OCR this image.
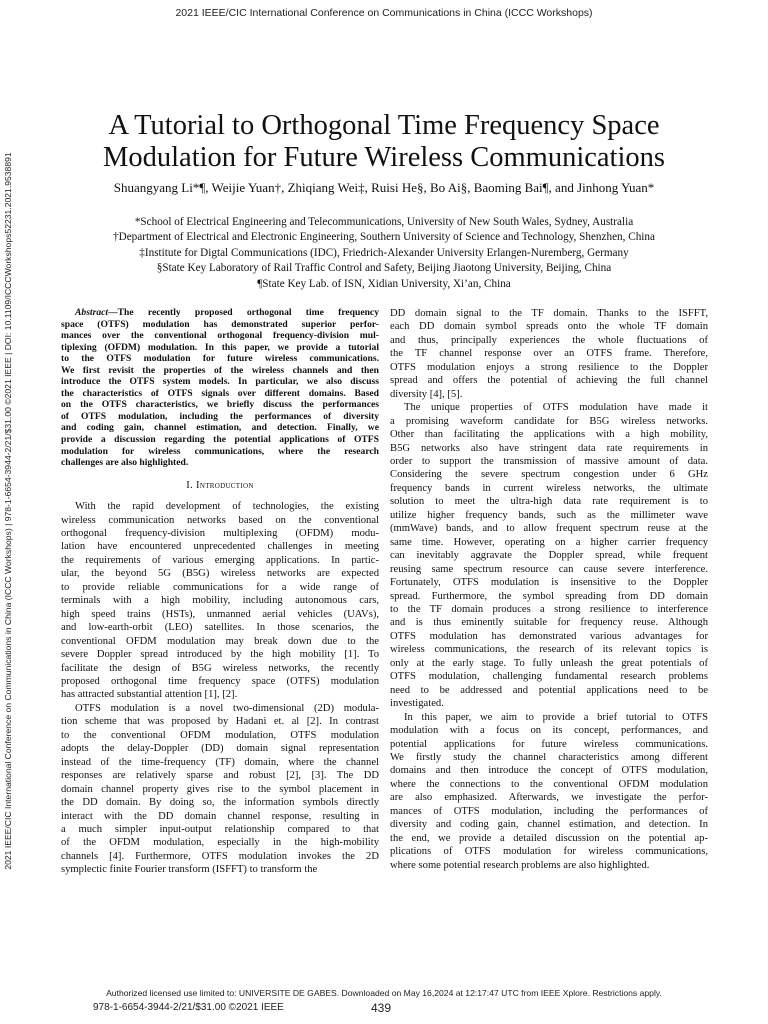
2021 IEEE/CIC International Conference on Communications in China (ICCC Workshops)
2021 IEEE/CIC International Conference on Communications in China (ICCC Workshops) | 978-1-6654-3944-2/21/$31.00 ©2021 IEEE | DOI: 10.1109/ICCCWorkshops52231.2021.9538891
A Tutorial to Orthogonal Time Frequency Space
Modulation for Future Wireless Communications
Shuangyang Li*¶, Weijie Yuan†, Zhiqiang Wei‡, Ruisi He§, Bo Ai§, Baoming Bai¶, and Jinhong Yuan*
*School of Electrical Engineering and Telecommunications, University of New South Wales, Sydney, Australia
†Department of Electrical and Electronic Engineering, Southern University of Science and Technology, Shenzhen, China
‡Institute for Digtal Communications (IDC), Friedrich-Alexander University Erlangen-Nuremberg, Germany
§State Key Laboratory of Rail Traffic Control and Safety, Beijing Jiaotong University, Beijing, China
¶State Key Lab. of ISN, Xidian University, Xi’an, China
Abstract—The recently proposed orthogonal time frequency
space (OTFS) modulation has demonstrated superior perfor-
mances over the conventional orthogonal frequency-division mul-
tiplexing (OFDM) modulation. In this paper, we provide a tutorial
to the OTFS modulation for future wireless communications.
We first revisit the properties of the wireless channels and then
introduce the OTFS system models. In particular, we also discuss
the characteristics of OTFS signals over different domains. Based
on the OTFS characteristics, we briefly discuss the performances
of OTFS modulation, including the performances of diversity
and coding gain, channel estimation, and detection. Finally, we
provide a discussion regarding the potential applications of OTFS
modulation for wireless communications, where the research
challenges are also highlighted.
I. Introduction
With the rapid development of technologies, the existing
wireless communication networks based on the conventional
orthogonal frequency-division multiplexing (OFDM) modu-
lation have encountered unprecedented challenges in meeting
the requirements of various emerging applications. In partic-
ular, the beyond 5G (B5G) wireless networks are expected
to provide reliable communications for a wide range of
terminals with a high mobility, including autonomous cars,
high speed trains (HSTs), unmanned aerial vehicles (UAVs),
and low-earth-orbit (LEO) satellites. In those scenarios, the
conventional OFDM modulation may break down due to the
severe Doppler spread introduced by the high mobility [1]. To
facilitate the design of B5G wireless networks, the recently
proposed orthogonal time frequency space (OTFS) modulation
has attracted substantial attention [1], [2].
OTFS modulation is a novel two-dimensional (2D) modula-
tion scheme that was proposed by Hadani et. al [2]. In contrast
to the conventional OFDM modulation, OTFS modulation
adopts the delay-Doppler (DD) domain signal representation
instead of the time-frequency (TF) domain, where the channel
responses are relatively sparse and robust [2], [3]. The DD
domain channel property gives rise to the symbol placement in
the DD domain. By doing so, the information symbols directly
interact with the DD domain channel response, resulting in
a much simpler input-output relationship compared to that
of the OFDM modulation, especially in the high-mobility
channels [4]. Furthermore, OTFS modulation invokes the 2D
symplectic finite Fourier transform (ISFFT) to transform the
DD domain signal to the TF domain. Thanks to the ISFFT,
each DD domain symbol spreads onto the whole TF domain
and thus, principally experiences the whole fluctuations of
the TF channel response over an OTFS frame. Therefore,
OTFS modulation enjoys a strong resilience to the Doppler
spread and offers the potential of achieving the full channel
diversity [4], [5].
The unique properties of OTFS modulation have made it
a promising waveform candidate for B5G wireless networks.
Other than facilitating the applications with a high mobility,
B5G networks also have stringent data rate requirements in
order to support the transmission of massive amount of data.
Considering the severe spectrum congestion under 6 GHz
frequency bands in current wireless networks, the ultimate
solution to meet the ultra-high data rate requirement is to
utilize higher frequency bands, such as the millimeter wave
(mmWave) bands, and to allow frequent spectrum reuse at the
same time. However, operating on a higher carrier frequency
can inevitably aggravate the Doppler spread, while frequent
reusing same spectrum resource can cause severe interference.
Fortunately, OTFS modulation is insensitive to the Doppler
spread. Furthermore, the symbol spreading from DD domain
to the TF domain produces a strong resilience to interference
and is thus eminently suitable for frequency reuse. Although
OTFS modulation has demonstrated various advantages for
wireless communications, the research of its relevant topics is
only at the early stage. To fully unleash the great potentials of
OTFS modulation, challenging fundamental research problems
need to be addressed and potential applications need to be
investigated.
In this paper, we aim to provide a brief tutorial to OTFS
modulation with a focus on its concept, performances, and
potential applications for future wireless communications.
We firstly study the channel characteristics among different
domains and then introduce the concept of OTFS modulation,
where the connections to the conventional OFDM modulation
are also emphasized. Afterwards, we investigate the perfor-
mances of OTFS modulation, including the performances of
diversity and coding gain, channel estimation, and detection. In
the end, we provide a detailed discussion on the potential ap-
plications of OTFS modulation for wireless communications,
where some potential research problems are also highlighted.
Authorized licensed use limited to: UNIVERSITE DE GABES. Downloaded on May 16,2024 at 12:17:47 UTC from IEEE Xplore. Restrictions apply.
978-1-6654-3944-2/21/$31.00 ©2021 IEEE	439
